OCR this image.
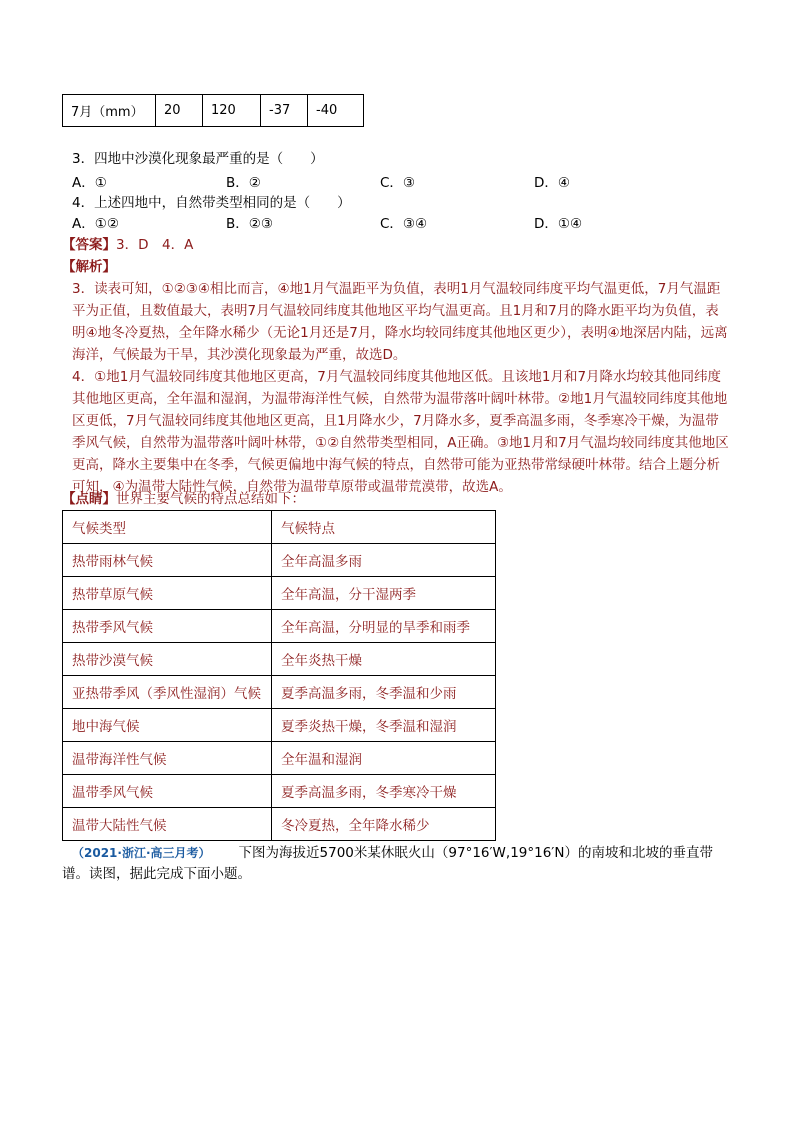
7月（mm）	20	120	-37	-40
3．四地中沙漠化现象最严重的是（　　）
A．①	B．②	C．③	D．④
4．上述四地中，自然带类型相同的是（　　）
A．①②	B．②③	C．③④	D．①④
【答案】3．D　4．A
【解析】
3．读表可知，①②③④相比而言，④地1月气温距平为负值，表明1月气温较同纬度平均气温更低，7月气温距平为正值，且数值最大，表明7月气温较同纬度其他地区平均气温更高。且1月和7月的降水距平均为负值，表明④地冬冷夏热，全年降水稀少（无论1月还是7月，降水均较同纬度其他地区更少），表明④地深居内陆，远离海洋，气候最为干旱，其沙漠化现象最为严重，故选D。
4．①地1月气温较同纬度其他地区更高，7月气温较同纬度其他地区低。且该地1月和7月降水均较其他同纬度其他地区更高，全年温和湿润，为温带海洋性气候，自然带为温带落叶阔叶林带。②地1月气温较同纬度其他地区更低，7月气温较同纬度其他地区更高，且1月降水少，7月降水多，夏季高温多雨，冬季寒冷干燥，为温带季风气候，自然带为温带落叶阔叶林带，①②自然带类型相同，A正确。③地1月和7月气温均较同纬度其他地区更高，降水主要集中在冬季，气候更偏地中海气候的特点，自然带可能为亚热带常绿硬叶林带。结合上题分析可知，④为温带大陆性气候，自然带为温带草原带或温带荒漠带，故选A。
【点睛】世界主要气候的特点总结如下：
气候类型	气候特点
热带雨林气候	全年高温多雨
热带草原气候	全年高温，分干湿两季
热带季风气候	全年高温，分明显的旱季和雨季
热带沙漠气候	全年炎热干燥
亚热带季风（季风性湿润）气候	夏季高温多雨，冬季温和少雨
地中海气候	夏季炎热干燥，冬季温和湿润
温带海洋性气候	全年温和湿润
温带季风气候	夏季高温多雨，冬季寒冷干燥
温带大陆性气候	冬冷夏热，全年降水稀少
（2021·浙江·高三月考） 下图为海拔近5700米某休眠火山（97°16′W,19°16′N）的南坡和北坡的垂直带
谱。读图，据此完成下面小题。
